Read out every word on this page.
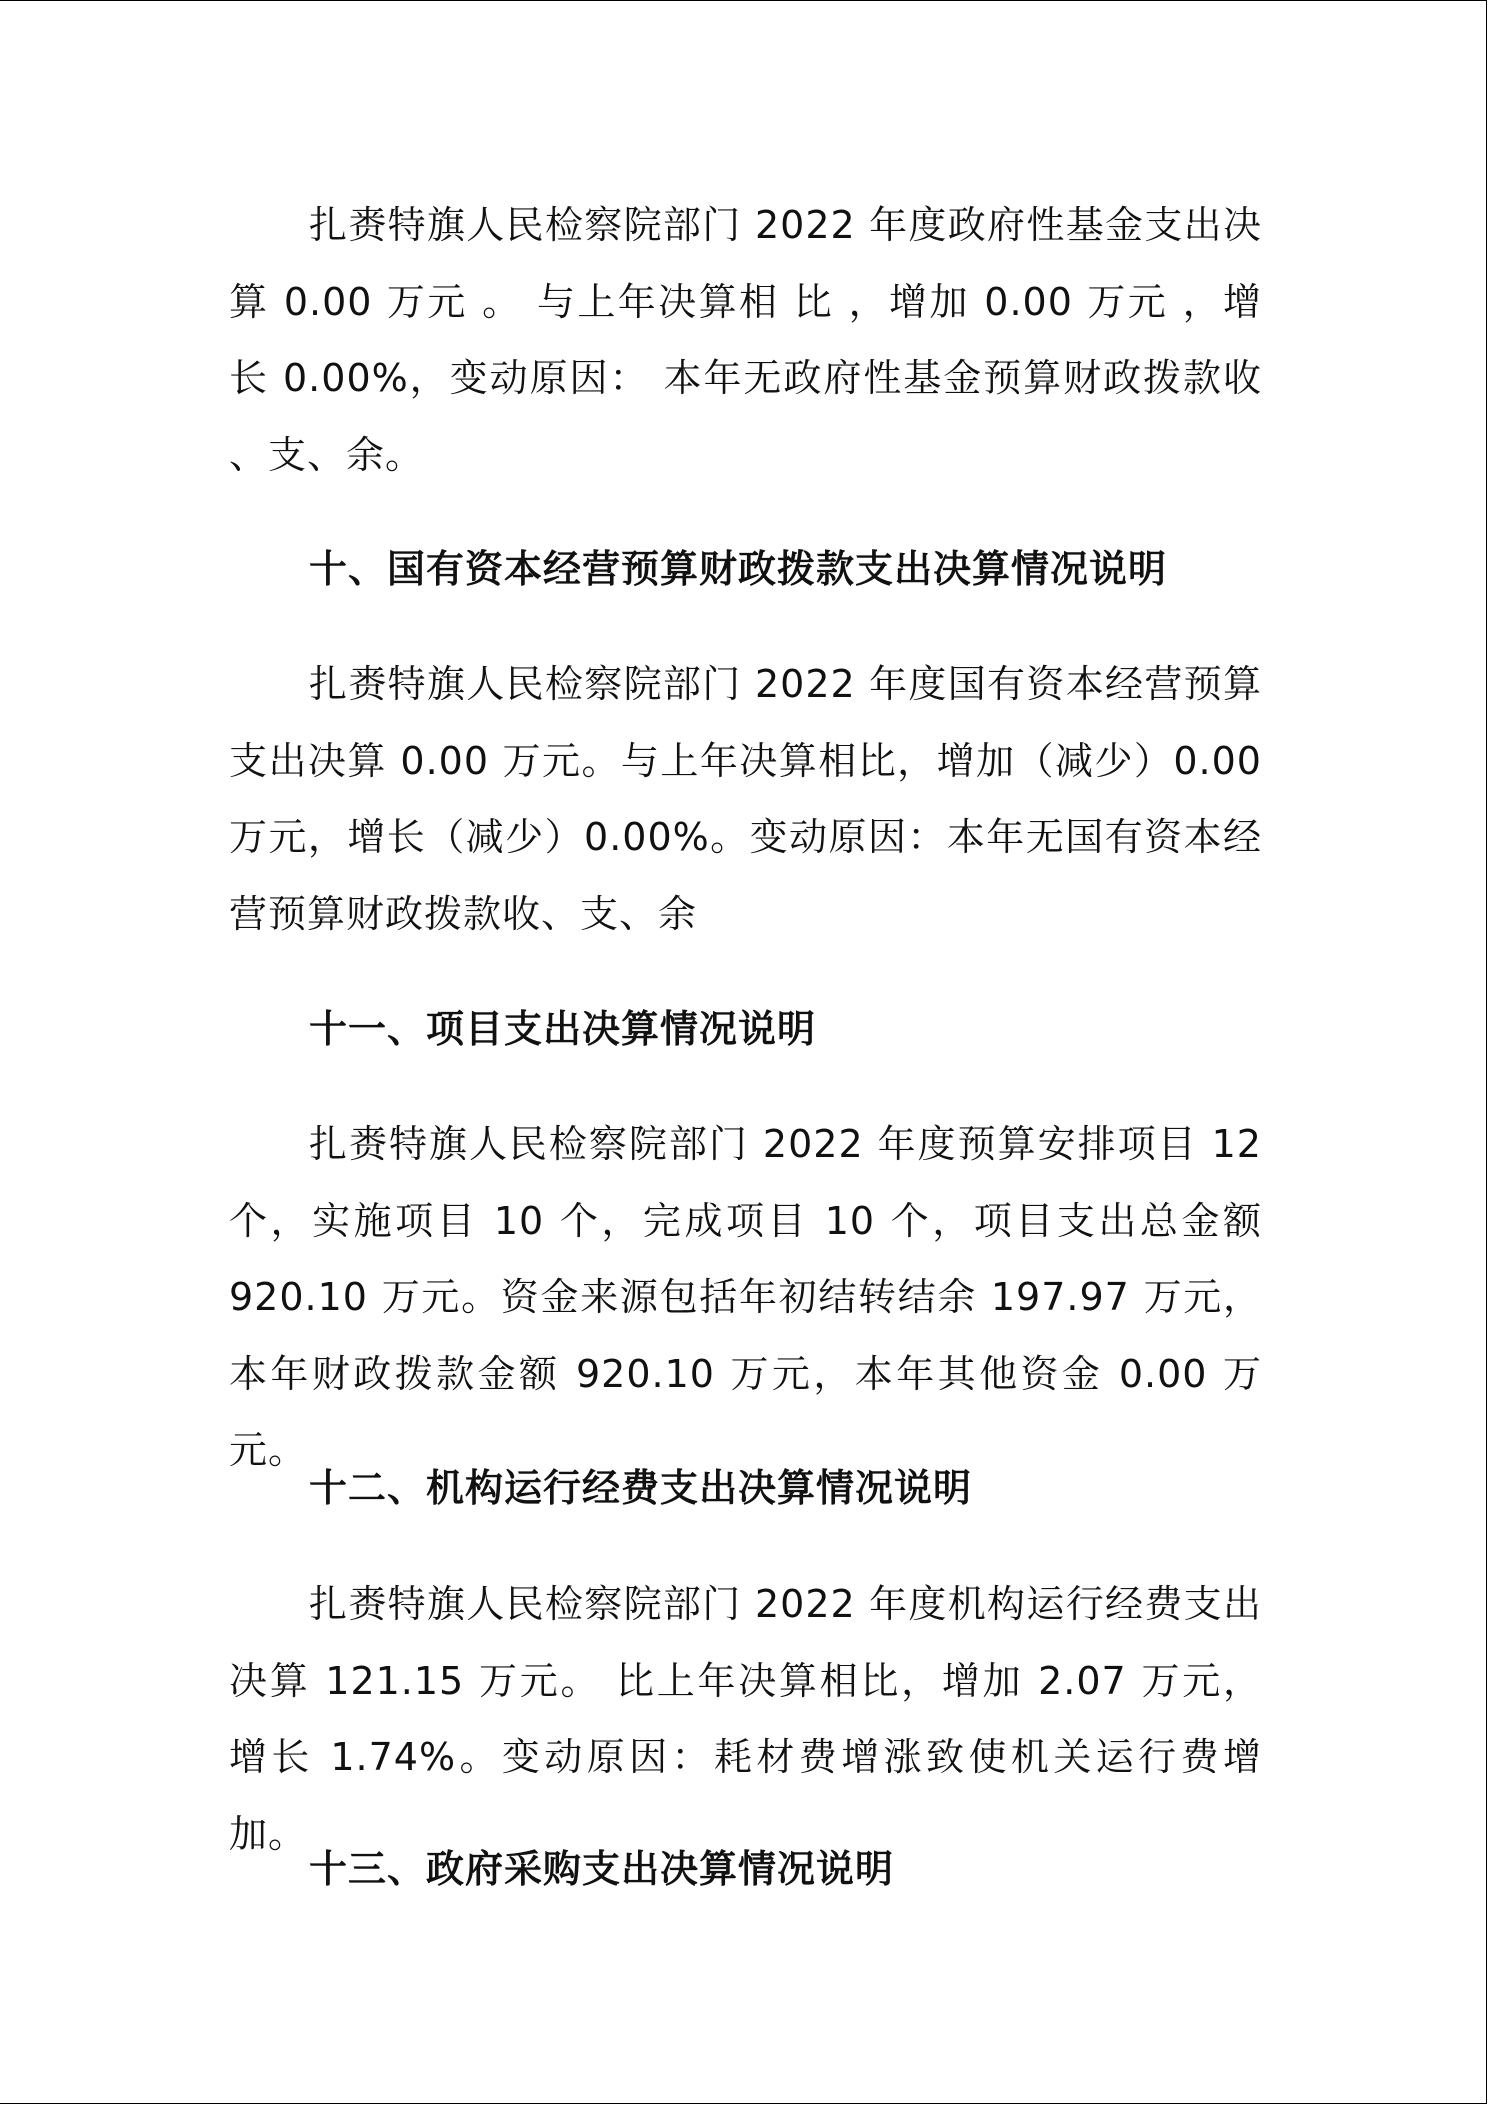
扎赉特旗人民检察院部门 2022 年度政府性基金支出决算 0.00 万元 。 与上年决算相 比 ，增加 0.00 万元 ，增长 0.00%，变动原因： 本年无政府性基金预算财政拨款收 、支、余。

十、国有资本经营预算财政拨款支出决算情况说明

扎赉特旗人民检察院部门 2022 年度国有资本经营预算支出决算 0.00 万元。与上年决算相比，增加（减少）0.00 万元，增长（减少）0.00%。变动原因：本年无国有资本经营预算财政拨款收、支、余

十一、项目支出决算情况说明

扎赉特旗人民检察院部门 2022 年度预算安排项目 12 个，实施项目 10 个，完成项目 10 个，项目支出总金额 920.10 万元。资金来源包括年初结转结余 197.97 万元，本年财政拨款金额 920.10 万元，本年其他资金 0.00 万元。

十二、机构运行经费支出决算情况说明

扎赉特旗人民检察院部门 2022 年度机构运行经费支出决算 121.15 万元。 比上年决算相比，增加 2.07 万元，增长 1.74%。变动原因：耗材费增涨致使机关运行费增加。

十三、政府采购支出决算情况说明
